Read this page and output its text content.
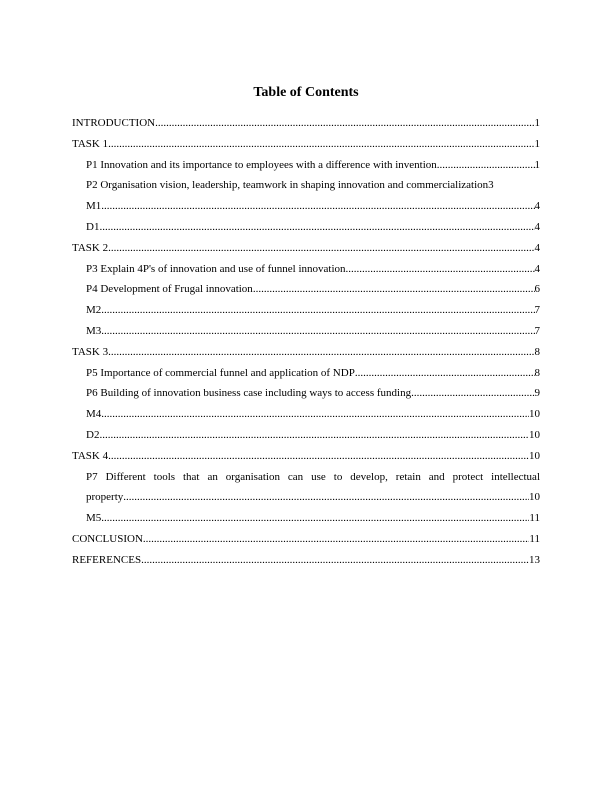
Table of Contents
INTRODUCTION .....	1
TASK 1 .....	1
P1 Innovation and its importance to employees with a difference with invention .....	1
P2 Organisation vision, leadership, teamwork in shaping innovation and commercialization 3
M1 .....	4
D1 .....	4
TASK 2 .....	4
P3 Explain 4P's of innovation and use of funnel innovation .....	4
P4 Development of Frugal innovation .....	6
M2 .....	7
M3 .....	7
TASK 3 .....	8
P5 Importance of commercial funnel and application of NDP .....	8
P6 Building of innovation business case including ways to access funding .....	9
M4 .....	10
D2 .....	10
TASK 4 .....	10
P7 Different tools that an organisation can use to develop, retain and protect intellectual
property .....	10
M5 .....	11
CONCLUSION .....	11
REFERENCES .....	13
